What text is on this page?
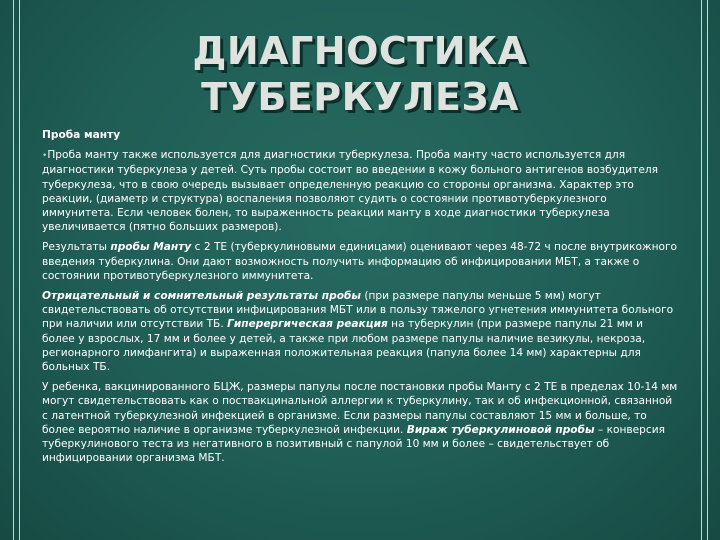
ДИАГНОСТИКА
ТУБЕРКУЛЕЗА

Проба манту

•Проба манту также используется для диагностики туберкулеза. Проба манту часто используется для диагностики туберкулеза у детей. Суть пробы состоит во введении в кожу больного антигенов возбудителя туберкулеза, что в свою очередь вызывает определенную реакцию со стороны организма. Характер это реакции, (диаметр и структура) воспаления позволяют судить о состоянии противотуберкулезного иммунитета. Если человек болен, то выраженность реакции манту в ходе диагностики туберкулеза увеличивается (пятно больших размеров).

Результаты пробы Манту с 2 ТЕ (туберкулиновыми единицами) оценивают через 48-72 ч после внутрикожного введения туберкулина. Они дают возможность получить информацию об инфицировании МБТ, а также о состоянии противотуберкулезного иммунитета.

Отрицательный и сомнительный результаты пробы (при размере папулы меньше 5 мм) могут свидетельствовать об отсутствии инфицирования МБТ или в пользу тяжелого угнетения иммунитета больного при наличии или отсутствии ТБ. Гиперергическая реакция на туберкулин (при размере папулы 21 мм и более у взрослых, 17 мм и более у детей, а также при любом размере папулы наличие везикулы, некроза, регионарного лимфангита) и выраженная положительная реакция (папула более 14 мм) характерны для больных ТБ.

У ребенка, вакцинированного БЦЖ, размеры папулы после постановки пробы Манту с 2 ТЕ в пределах 10-14 мм могут свидетельствовать как о поствакцинальной аллергии к туберкулину, так и об инфекционной, связанной с латентной туберкулезной инфекцией в организме. Если размеры папулы составляют 15 мм и больше, то более вероятно наличие в организме туберкулезной инфекции. Вираж туберкулиновой пробы – конверсия туберкулинового теста из негативного в позитивный с папулой 10 мм и более – свидетельствует об инфицировании организма МБТ.
